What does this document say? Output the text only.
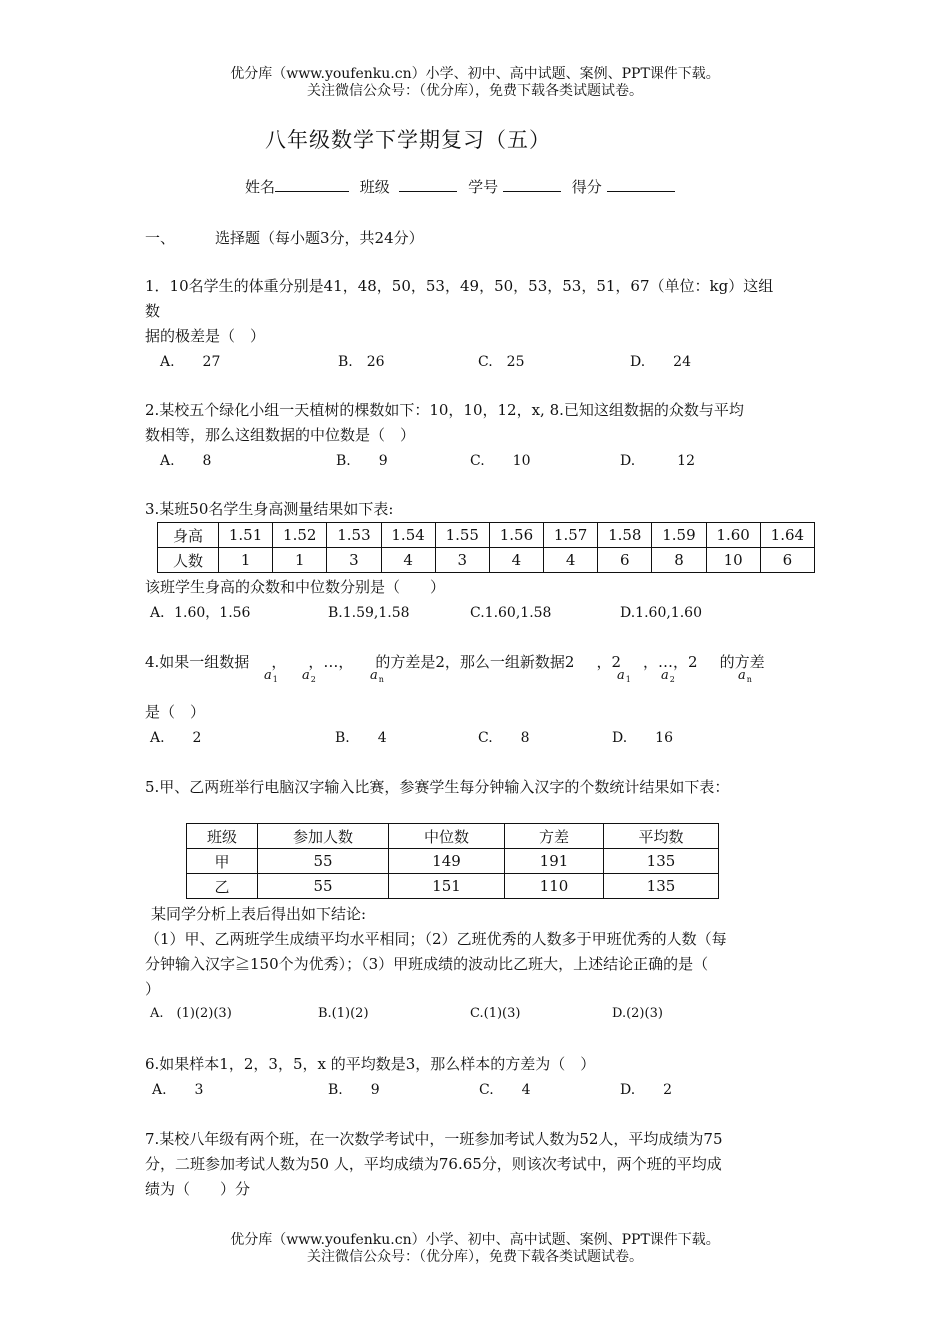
优分库（www.youfenku.cn）小学、初中、高中试题、案例、PPT课件下载。
关注微信公众号：（优分库），免费下载各类试题试卷。
八年级数学下学期复习（五）
姓名	班级	学号	得分

一、	选择题（每小题3分，共24分）

1．10名学生的体重分别是41，48，50，53，49，50，53，53，51，67（单位：kg）这组

数

据的极差是（　）

A.　　27	B.　26	C.　25	D.　　24

2.某校五个绿化小组一天植树的棵数如下：10，10，12，x, 8.已知这组数据的众数与平均

数相等，那么这组数据的中位数是（　）

A.　　8	B.　　9	C.　　10	D.　　　12

3.某班50名学生身高测量结果如下表:

身高	1.51	1.52	1.53	1.54	1.55	1.56	1.57	1.58	1.59	1.60	1.64
人数	1	1	3	4	3	4	4	6	8	10	6

该班学生身高的众数和中位数分别是（　　）

A．1.60，1.56	B.1.59,1.58	C.1.60,1.58	D.1.60,1.60

4.如果一组数据 ， ，…， 的方差是2，那么一组新数据2 ，2 ，…，2 的方差

$a_1$ $a_2$	$a_n$	$a_1$ $a_2$	$a_n$

是（　）

A.　　2	B.　　4	C.　　8	D.　　16

5.甲、乙两班举行电脑汉字输入比赛，参赛学生每分钟输入汉字的个数统计结果如下表：

班级	参加人数	中位数	方差	平均数
甲	55	149	191	135
乙	55	151	110	135

某同学分析上表后得出如下结论:

（1）甲、乙两班学生成绩平均水平相同；（2）乙班优秀的人数多于甲班优秀的人数（每

分钟输入汉字≧150个为优秀）；（3）甲班成绩的波动比乙班大，上述结论正确的是（

）

A.　(1)(2)(3)	B.(1)(2)	C.(1)(3)	D.(2)(3)

6.如果样本1，2，3，5，x 的平均数是3，那么样本的方差为（　）

A.　　3	B.　　9	C.　　4	D.　　2

7.某校八年级有两个班，在一次数学考试中，一班参加考试人数为52人，平均成绩为75

分，二班参加考试人数为50 人，平均成绩为76.65分，则该次考试中，两个班的平均成

绩为（　　）分

优分库（www.youfenku.cn）小学、初中、高中试题、案例、PPT课件下载。
关注微信公众号：（优分库），免费下载各类试题试卷。
